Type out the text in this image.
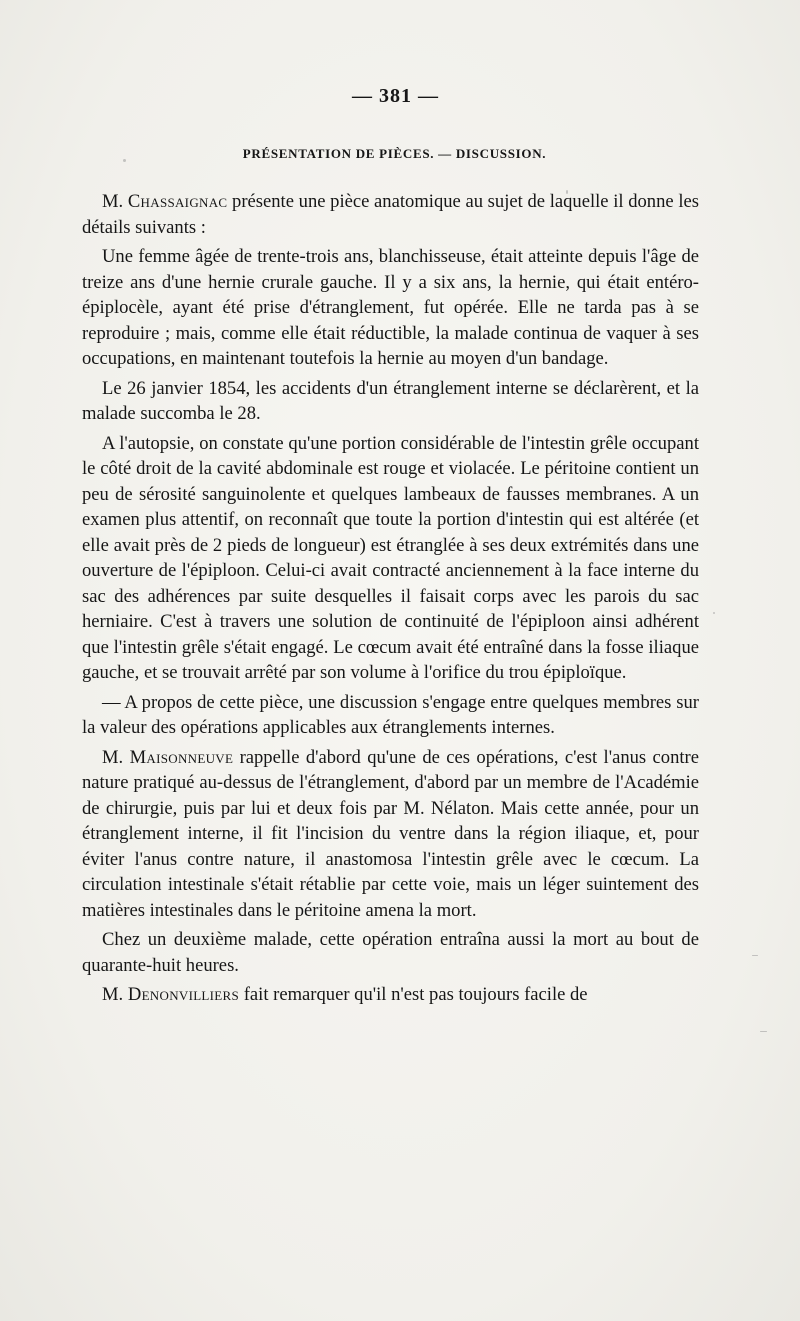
— 381 —
PRÉSENTATION DE PIÈCES. — DISCUSSION.

M. Chassaignac présente une pièce anatomique au sujet de laquelle il donne les détails suivants :

Une femme âgée de trente-trois ans, blanchisseuse, était atteinte depuis l'âge de treize ans d'une hernie crurale gauche. Il y a six ans, la hernie, qui était entéro-épiplocèle, ayant été prise d'étranglement, fut opérée. Elle ne tarda pas à se reproduire ; mais, comme elle était réductible, la malade continua de vaquer à ses occupations, en maintenant toutefois la hernie au moyen d'un bandage.

Le 26 janvier 1854, les accidents d'un étranglement interne se déclarèrent, et la malade succomba le 28.

A l'autopsie, on constate qu'une portion considérable de l'intestin grêle occupant le côté droit de la cavité abdominale est rouge et violacée. Le péritoine contient un peu de sérosité sanguinolente et quelques lambeaux de fausses membranes. A un examen plus attentif, on reconnaît que toute la portion d'intestin qui est altérée (et elle avait près de 2 pieds de longueur) est étranglée à ses deux extrémités dans une ouverture de l'épiploon. Celui-ci avait contracté anciennement à la face interne du sac des adhérences par suite desquelles il faisait corps avec les parois du sac herniaire. C'est à travers une solution de continuité de l'épiploon ainsi adhérent que l'intestin grêle s'était engagé. Le cœcum avait été entraîné dans la fosse iliaque gauche, et se trouvait arrêté par son volume à l'orifice du trou épiploïque.

— A propos de cette pièce, une discussion s'engage entre quelques membres sur la valeur des opérations applicables aux étranglements internes.

M. Maisonneuve rappelle d'abord qu'une de ces opérations, c'est l'anus contre nature pratiqué au-dessus de l'étranglement, d'abord par un membre de l'Académie de chirurgie, puis par lui et deux fois par M. Nélaton. Mais cette année, pour un étranglement interne, il fit l'incision du ventre dans la région iliaque, et, pour éviter l'anus contre nature, il anastomosa l'intestin grêle avec le cœcum. La circulation intestinale s'était rétablie par cette voie, mais un léger suintement des matières intestinales dans le péritoine amena la mort.

Chez un deuxième malade, cette opération entraîna aussi la mort au bout de quarante-huit heures.

M. Denonvilliers fait remarquer qu'il n'est pas toujours facile de
